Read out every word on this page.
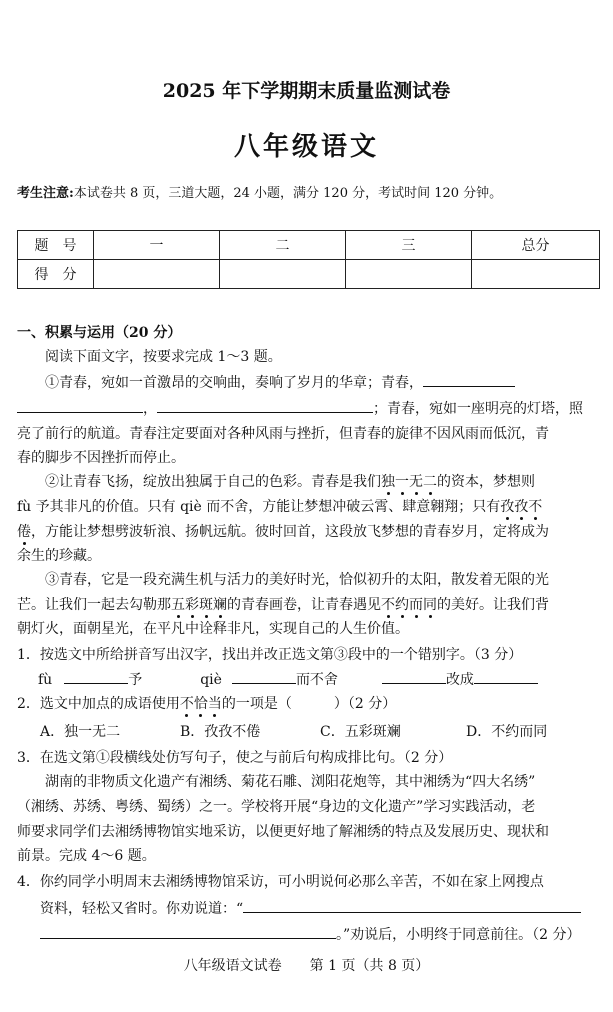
2025 年下学期期末质量监测试卷
八年级语文
考生注意:本试卷共 8 页，三道大题，24 小题，满分 120 分，考试时间 120 分钟。
题　号	一	二	三	总分
得　分				
一、积累与运用（20 分）
阅读下面文字，按要求完成 1～3 题。
①青春，宛如一首激昂的交响曲，奏响了岁月的华章；青春，
，	；青春，宛如一座明亮的灯塔，照
亮了前行的航道。青春注定要面对各种风雨与挫折，但青春的旋律不因风雨而低沉，青
春的脚步不因挫折而停止。
②让青春飞扬，绽放出独属于自己的色彩。青春是我们独一无二的资本，梦想则
fù 予其非凡的价值。只有 qiè 而不舍，方能让梦想冲破云霄、肆意翱翔；只有孜孜不
倦，方能让梦想劈波斩浪、扬帆远航。彼时回首，这段放飞梦想的青春岁月，定将成为
余生的珍藏。
③青春，它是一段充满生机与活力的美好时光，恰似初升的太阳，散发着无限的光
芒。让我们一起去勾勒那五彩斑斓的青春画卷，让青春遇见不约而同的美好。让我们背
朝灯火，面朝星光，在平凡中诠释非凡，实现自己的人生价值。
1．按选文中所给拼音写出汉字，找出并改正选文第③段中的一个错别字。（3 分）
fù	予	qiè	而不舍	改成
2．选文中加点的成语使用不恰当的一项是（　　　）（2 分）
A．独一无二	B．孜孜不倦	C．五彩斑斓	D．不约而同
3．在选文第①段横线处仿写句子，使之与前后句构成排比句。（2 分）
湖南的非物质文化遗产有湘绣、菊花石雕、浏阳花炮等，其中湘绣为“四大名绣”
（湘绣、苏绣、粤绣、蜀绣）之一。学校将开展“身边的文化遗产”学习实践活动，老
师要求同学们去湘绣博物馆实地采访，以便更好地了解湘绣的特点及发展历史、现状和
前景。完成 4～6 题。
4．你约同学小明周末去湘绣博物馆采访，可小明说何必那么辛苦，不如在家上网搜点
资料，轻松又省时。你劝说道：“
。”劝说后，小明终于同意前往。（2 分）
八年级语文试卷　　第 1 页（共 8 页）
